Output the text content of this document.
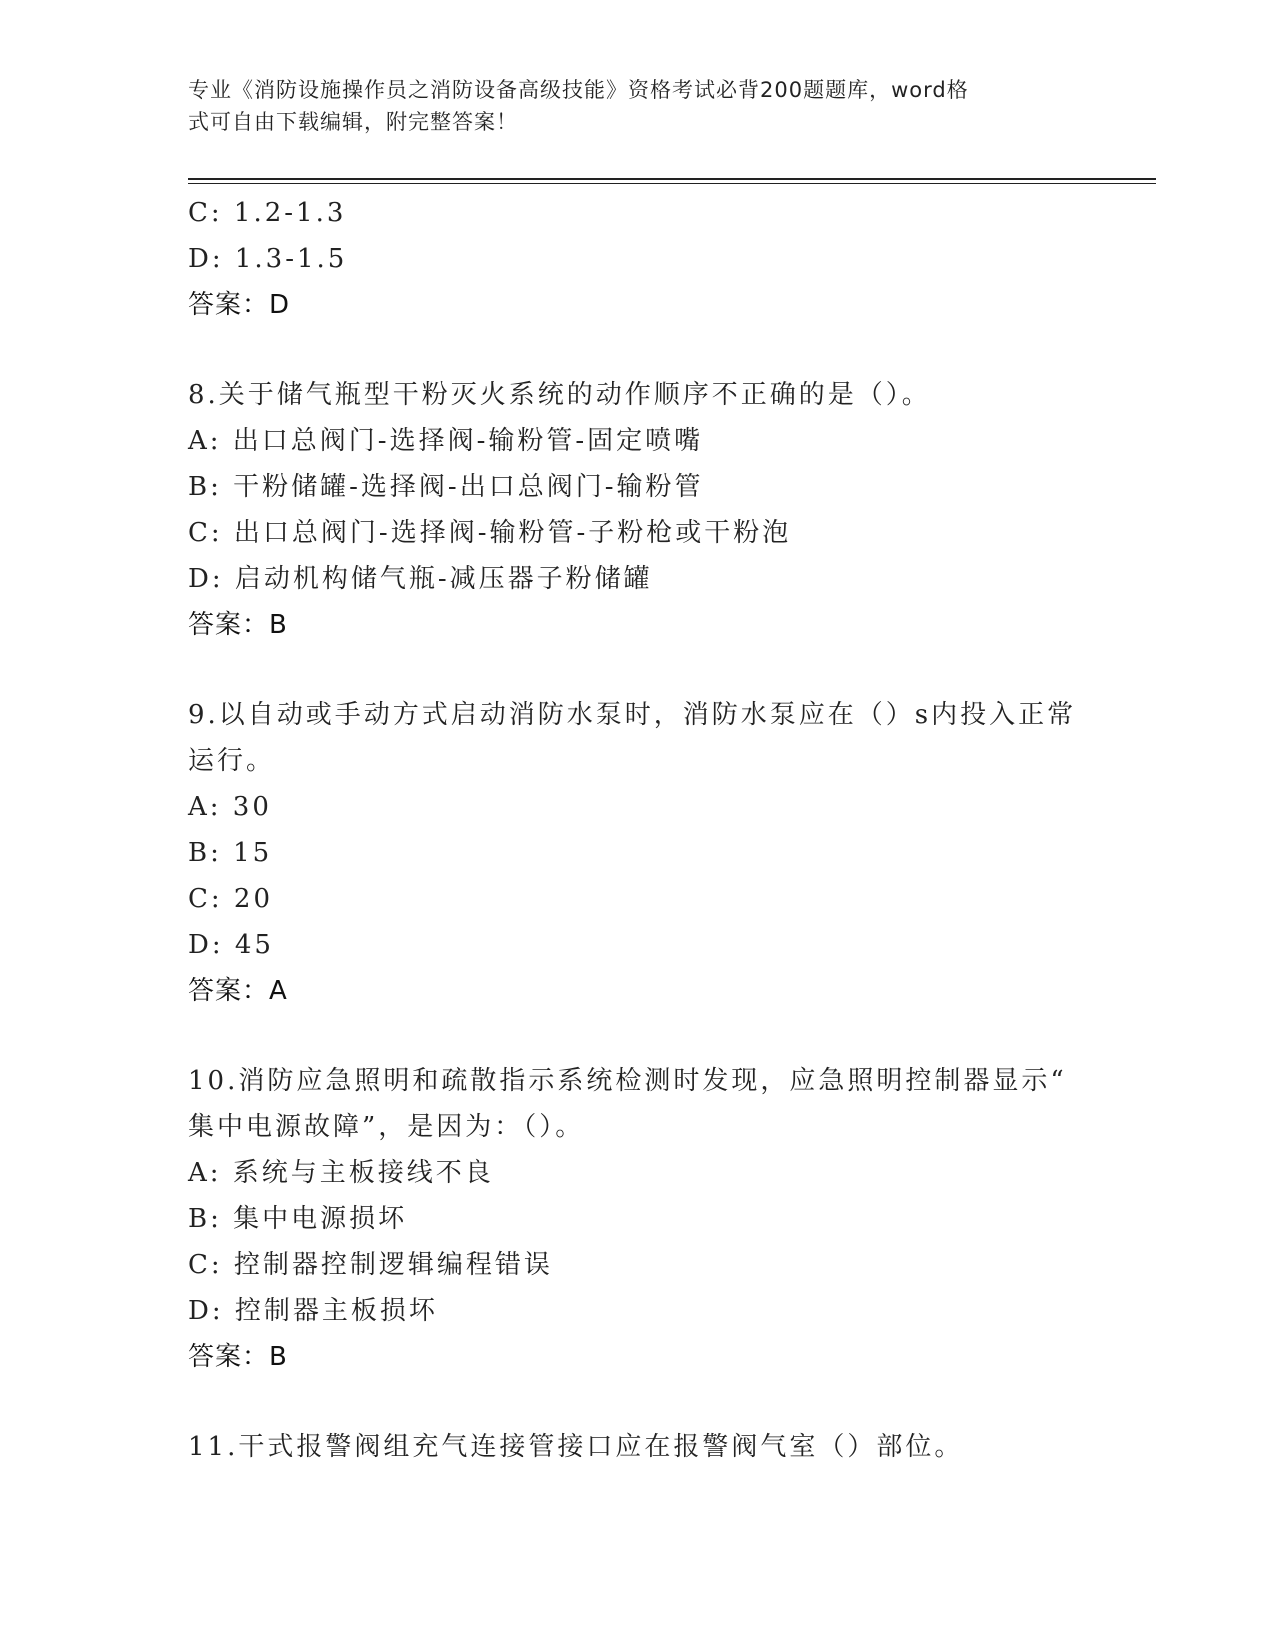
专业《消防设施操作员之消防设备高级技能》资格考试必背200题题库，word格
式可自由下载编辑，附完整答案！
C: 1.2-1.3
D: 1.3-1.5
答案：D
8.关于储气瓶型干粉灭火系统的动作顺序不正确的是（）。
A: 出口总阀门-选择阀-输粉管-固定喷嘴
B: 干粉储罐-选择阀-出口总阀门-输粉管
C: 出口总阀门-选择阀-输粉管-子粉枪或干粉泡
D: 启动机构储气瓶-减压器子粉储罐
答案：B
9.以自动或手动方式启动消防水泵时，消防水泵应在（）s内投入正常
运行。
A: 30
B: 15
C: 20
D: 45
答案：A
10.消防应急照明和疏散指示系统检测时发现，应急照明控制器显示“
集中电源故障”，是因为：（）。
A: 系统与主板接线不良
B: 集中电源损坏
C: 控制器控制逻辑编程错误
D: 控制器主板损坏
答案：B
11.干式报警阀组充气连接管接口应在报警阀气室（）部位。
